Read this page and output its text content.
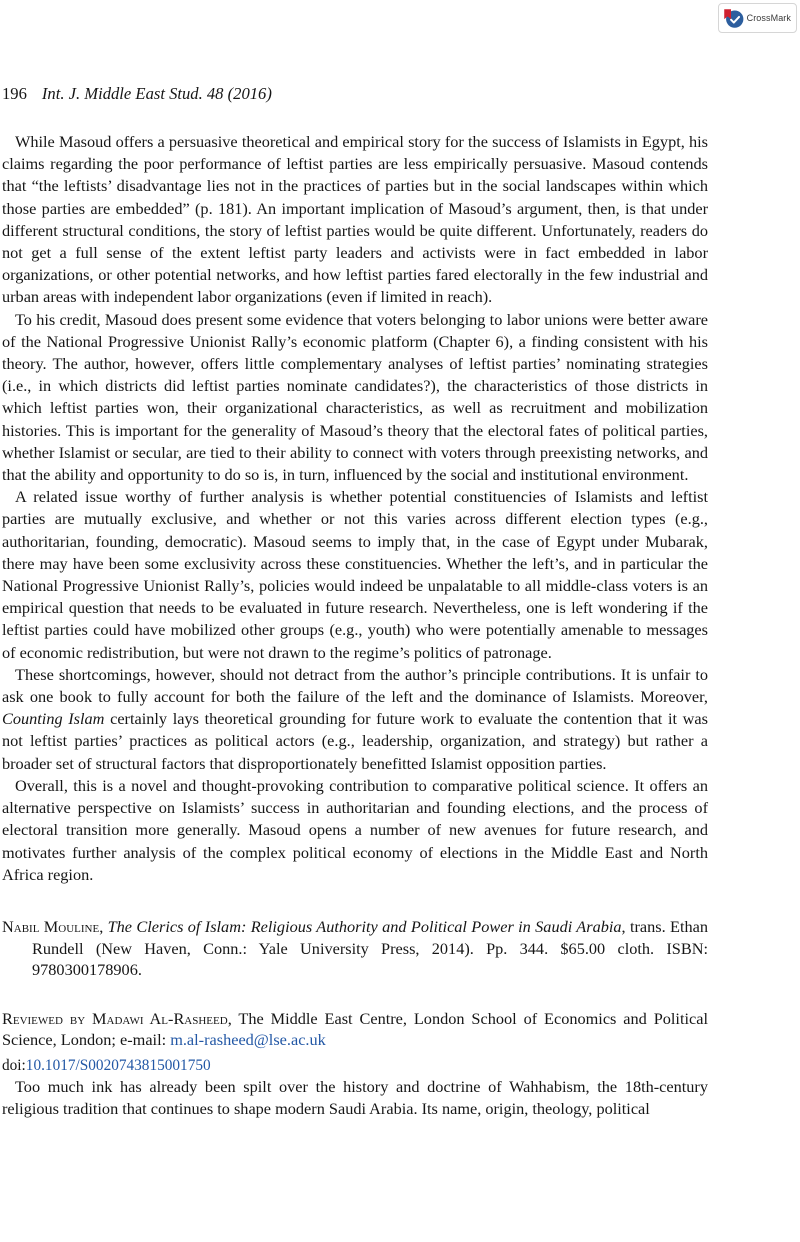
CrossMark
196 Int. J. Middle East Stud. 48 (2016)

While Masoud offers a persuasive theoretical and empirical story for the success of Islamists in Egypt, his claims regarding the poor performance of leftist parties are less empirically persuasive. Masoud contends that “the leftists’ disadvantage lies not in the practices of parties but in the social landscapes within which those parties are embedded” (p. 181). An important implication of Masoud’s argument, then, is that under different structural conditions, the story of leftist parties would be quite different. Unfortunately, readers do not get a full sense of the extent leftist party leaders and activists were in fact embedded in labor organizations, or other potential networks, and how leftist parties fared electorally in the few industrial and urban areas with independent labor organizations (even if limited in reach).

To his credit, Masoud does present some evidence that voters belonging to labor unions were better aware of the National Progressive Unionist Rally’s economic platform (Chapter 6), a finding consistent with his theory. The author, however, offers little complementary analyses of leftist parties’ nominating strategies (i.e., in which districts did leftist parties nominate candidates?), the characteristics of those districts in which leftist parties won, their organizational characteristics, as well as recruitment and mobilization histories. This is important for the generality of Masoud’s theory that the electoral fates of political parties, whether Islamist or secular, are tied to their ability to connect with voters through preexisting networks, and that the ability and opportunity to do so is, in turn, influenced by the social and institutional environment.

A related issue worthy of further analysis is whether potential constituencies of Islamists and leftist parties are mutually exclusive, and whether or not this varies across different election types (e.g., authoritarian, founding, democratic). Masoud seems to imply that, in the case of Egypt under Mubarak, there may have been some exclusivity across these constituencies. Whether the left’s, and in particular the National Progressive Unionist Rally’s, policies would indeed be unpalatable to all middle-class voters is an empirical question that needs to be evaluated in future research. Nevertheless, one is left wondering if the leftist parties could have mobilized other groups (e.g., youth) who were potentially amenable to messages of economic redistribution, but were not drawn to the regime’s politics of patronage.

These shortcomings, however, should not detract from the author’s principle contributions. It is unfair to ask one book to fully account for both the failure of the left and the dominance of Islamists. Moreover, Counting Islam certainly lays theoretical grounding for future work to evaluate the contention that it was not leftist parties’ practices as political actors (e.g., leadership, organization, and strategy) but rather a broader set of structural factors that disproportionately benefitted Islamist opposition parties.

Overall, this is a novel and thought-provoking contribution to comparative political science. It offers an alternative perspective on Islamists’ success in authoritarian and founding elections, and the process of electoral transition more generally. Masoud opens a number of new avenues for future research, and motivates further analysis of the complex political economy of elections in the Middle East and North Africa region.

Nabil Mouline, The Clerics of Islam: Religious Authority and Political Power in Saudi Arabia, trans. Ethan Rundell (New Haven, Conn.: Yale University Press, 2014). Pp. 344. $65.00 cloth. ISBN: 9780300178906.

Reviewed by Madawi Al-Rasheed, The Middle East Centre, London School of Economics and Political Science, London; e-mail: m.al-rasheed@lse.ac.uk

doi:10.1017/S0020743815001750

Too much ink has already been spilt over the history and doctrine of Wahhabism, the 18th-century religious tradition that continues to shape modern Saudi Arabia. Its name, origin, theology, political
